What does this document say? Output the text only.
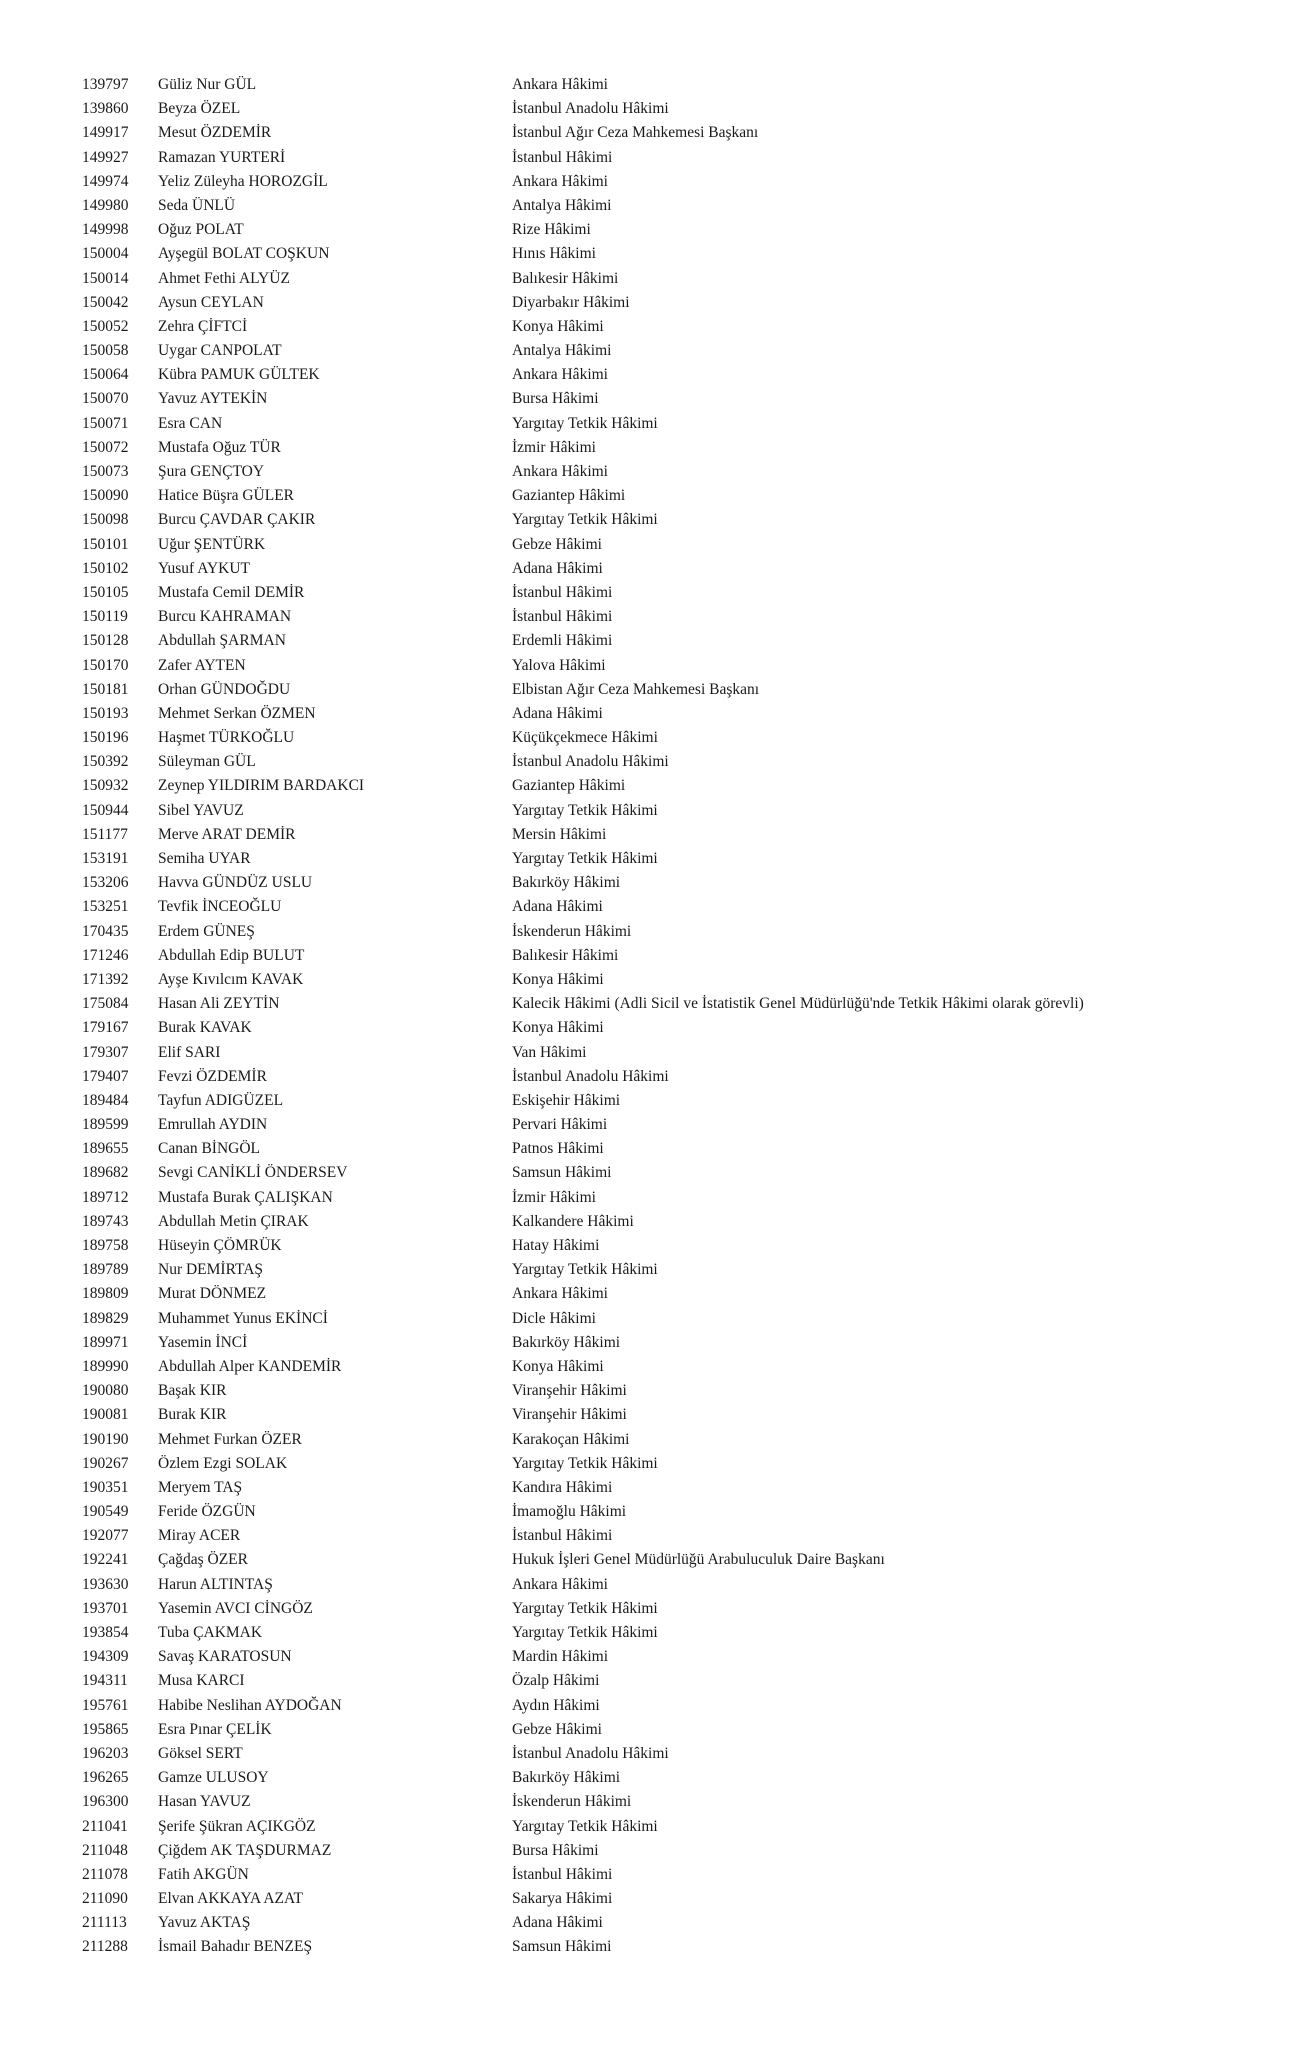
139797 Güliz Nur GÜL	Ankara Hâkimi
139860 Beyza ÖZEL	İstanbul Anadolu Hâkimi
149917 Mesut ÖZDEMİR	İstanbul Ağır Ceza Mahkemesi Başkanı
149927 Ramazan YURTERİ	İstanbul Hâkimi
149974 Yeliz Züleyha HOROZGİL	Ankara Hâkimi
149980 Seda ÜNLÜ	Antalya Hâkimi
149998 Oğuz POLAT	Rize Hâkimi
150004 Ayşegül BOLAT COŞKUN	Hınıs Hâkimi
150014 Ahmet Fethi ALYÜZ	Balıkesir Hâkimi
150042 Aysun CEYLAN	Diyarbakır Hâkimi
150052 Zehra ÇİFTCİ	Konya Hâkimi
150058 Uygar CANPOLAT	Antalya Hâkimi
150064 Kübra PAMUK GÜLTEK	Ankara Hâkimi
150070 Yavuz AYTEKİN	Bursa Hâkimi
150071 Esra CAN	Yargıtay Tetkik Hâkimi
150072 Mustafa Oğuz TÜR	İzmir Hâkimi
150073 Şura GENÇTOY	Ankara Hâkimi
150090 Hatice Büşra GÜLER	Gaziantep Hâkimi
150098 Burcu ÇAVDAR ÇAKIR	Yargıtay Tetkik Hâkimi
150101 Uğur ŞENTÜRK	Gebze Hâkimi
150102 Yusuf AYKUT	Adana Hâkimi
150105 Mustafa Cemil DEMİR	İstanbul Hâkimi
150119 Burcu KAHRAMAN	İstanbul Hâkimi
150128 Abdullah ŞARMAN	Erdemli Hâkimi
150170 Zafer AYTEN	Yalova Hâkimi
150181 Orhan GÜNDOĞDU	Elbistan Ağır Ceza Mahkemesi Başkanı
150193 Mehmet Serkan ÖZMEN	Adana Hâkimi
150196 Haşmet TÜRKOĞLU	Küçükçekmece Hâkimi
150392 Süleyman GÜL	İstanbul Anadolu Hâkimi
150932 Zeynep YILDIRIM BARDAKCI	Gaziantep Hâkimi
150944 Sibel YAVUZ	Yargıtay Tetkik Hâkimi
151177 Merve ARAT DEMİR	Mersin Hâkimi
153191 Semiha UYAR	Yargıtay Tetkik Hâkimi
153206 Havva GÜNDÜZ USLU	Bakırköy Hâkimi
153251 Tevfik İNCEOĞLU	Adana Hâkimi
170435 Erdem GÜNEŞ	İskenderun Hâkimi
171246 Abdullah Edip BULUT	Balıkesir Hâkimi
171392 Ayşe Kıvılcım KAVAK	Konya Hâkimi
175084 Hasan Ali ZEYTİN	Kalecik Hâkimi (Adli Sicil ve İstatistik Genel Müdürlüğü'nde Tetkik Hâkimi olarak görevli)
179167 Burak KAVAK	Konya Hâkimi
179307 Elif SARI	Van Hâkimi
179407 Fevzi ÖZDEMİR	İstanbul Anadolu Hâkimi
189484 Tayfun ADIGÜZEL	Eskişehir Hâkimi
189599 Emrullah AYDIN	Pervari Hâkimi
189655 Canan BİNGÖL	Patnos Hâkimi
189682 Sevgi CANİKLİ ÖNDERSEV	Samsun Hâkimi
189712 Mustafa Burak ÇALIŞKAN	İzmir Hâkimi
189743 Abdullah Metin ÇIRAK	Kalkandere Hâkimi
189758 Hüseyin ÇÖMRÜK	Hatay Hâkimi
189789 Nur DEMİRTAŞ	Yargıtay Tetkik Hâkimi
189809 Murat DÖNMEZ	Ankara Hâkimi
189829 Muhammet Yunus EKİNCİ	Dicle Hâkimi
189971 Yasemin İNCİ	Bakırköy Hâkimi
189990 Abdullah Alper KANDEMİR	Konya Hâkimi
190080 Başak KIR	Viranşehir Hâkimi
190081 Burak KIR	Viranşehir Hâkimi
190190 Mehmet Furkan ÖZER	Karakoçan Hâkimi
190267 Özlem Ezgi SOLAK	Yargıtay Tetkik Hâkimi
190351 Meryem TAŞ	Kandıra Hâkimi
190549 Feride ÖZGÜN	İmamoğlu Hâkimi
192077 Miray ACER	İstanbul Hâkimi
192241 Çağdaş ÖZER	Hukuk İşleri Genel Müdürlüğü Arabuluculuk Daire Başkanı
193630 Harun ALTINTAŞ	Ankara Hâkimi
193701 Yasemin AVCI CİNGÖZ	Yargıtay Tetkik Hâkimi
193854 Tuba ÇAKMAK	Yargıtay Tetkik Hâkimi
194309 Savaş KARATOSUN	Mardin Hâkimi
194311 Musa KARCI	Özalp Hâkimi
195761 Habibe Neslihan AYDOĞAN	Aydın Hâkimi
195865 Esra Pınar ÇELİK	Gebze Hâkimi
196203 Göksel SERT	İstanbul Anadolu Hâkimi
196265 Gamze ULUSOY	Bakırköy Hâkimi
196300 Hasan YAVUZ	İskenderun Hâkimi
211041 Şerife Şükran AÇIKGÖZ	Yargıtay Tetkik Hâkimi
211048 Çiğdem AK TAŞDURMAZ	Bursa Hâkimi
211078 Fatih AKGÜN	İstanbul Hâkimi
211090 Elvan AKKAYA AZAT	Sakarya Hâkimi
211113 Yavuz AKTAŞ	Adana Hâkimi
211288 İsmail Bahadır BENZEŞ	Samsun Hâkimi
